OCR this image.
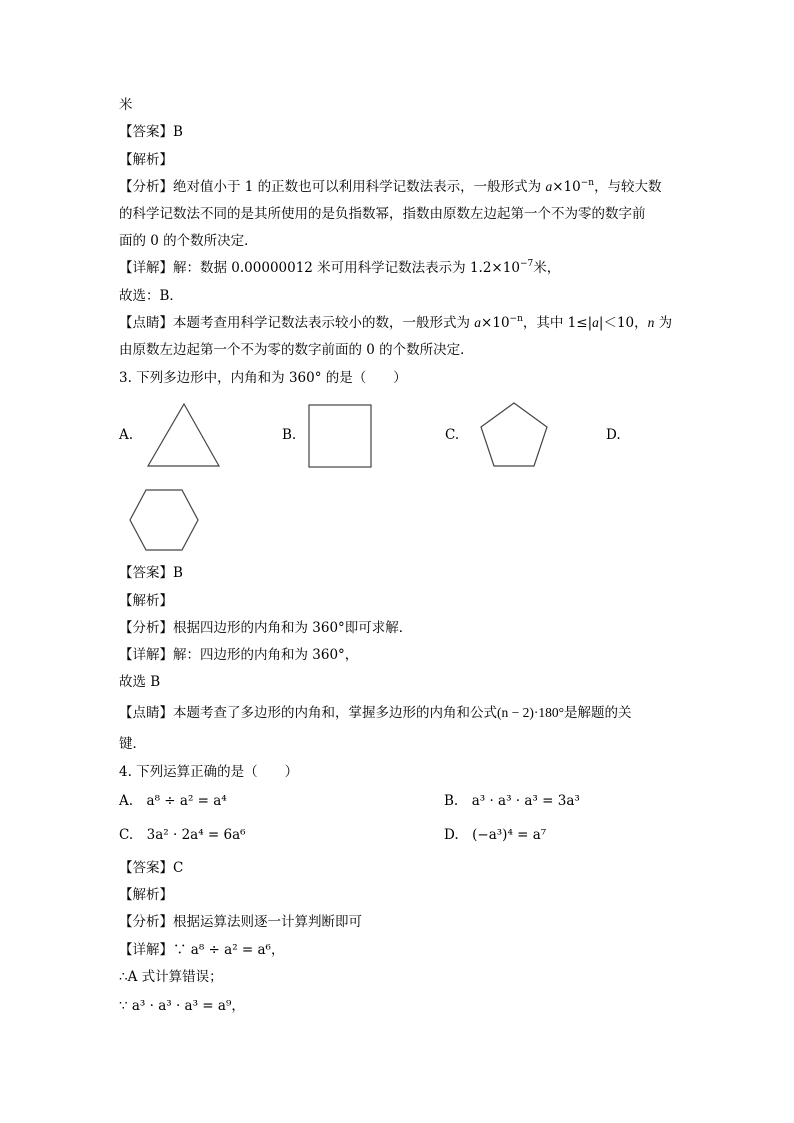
米
【答案】B
【解析】
【分析】绝对值小于 1 的正数也可以利用科学记数法表示，一般形式为 $a\times 10^{-n}$，与较大数
的科学记数法不同的是其所使用的是负指数幂，指数由原数左边起第一个不为零的数字前
面的 0 的个数所决定．
【详解】解：数据 0.00000012 米可用科学记数法表示为 $1.2\times 10^{-7}$米，
故选：B．
【点睛】本题考查用科学记数法表示较小的数，一般形式为 $a\times 10^{-n}$，其中 1≤|a|＜10，n 为
由原数左边起第一个不为零的数字前面的 0 的个数所决定．
3. 下列多边形中，内角和为 360° 的是（　　）
A.	B.	C.	D.
【答案】B
【解析】
【分析】根据四边形的内角和为 360°即可求解．
【详解】解：四边形的内角和为 360°，
故选 B
【点睛】本题考查了多边形的内角和，掌握多边形的内角和公式(n − 2)·180°是解题的关
键．
4. 下列运算正确的是（　　）
A.　a⁸ ÷ a² = a⁴	B.　a³ · a³ · a³ = 3a³
C.　3a² · 2a⁴ = 6a⁶	D.　(−a³)⁴ = a⁷
【答案】C
【解析】
【分析】根据运算法则逐一计算判断即可
【详解】∵ a⁸ ÷ a² = a⁶，
∴A 式计算错误；
∵ a³ · a³ · a³ = a⁹，
